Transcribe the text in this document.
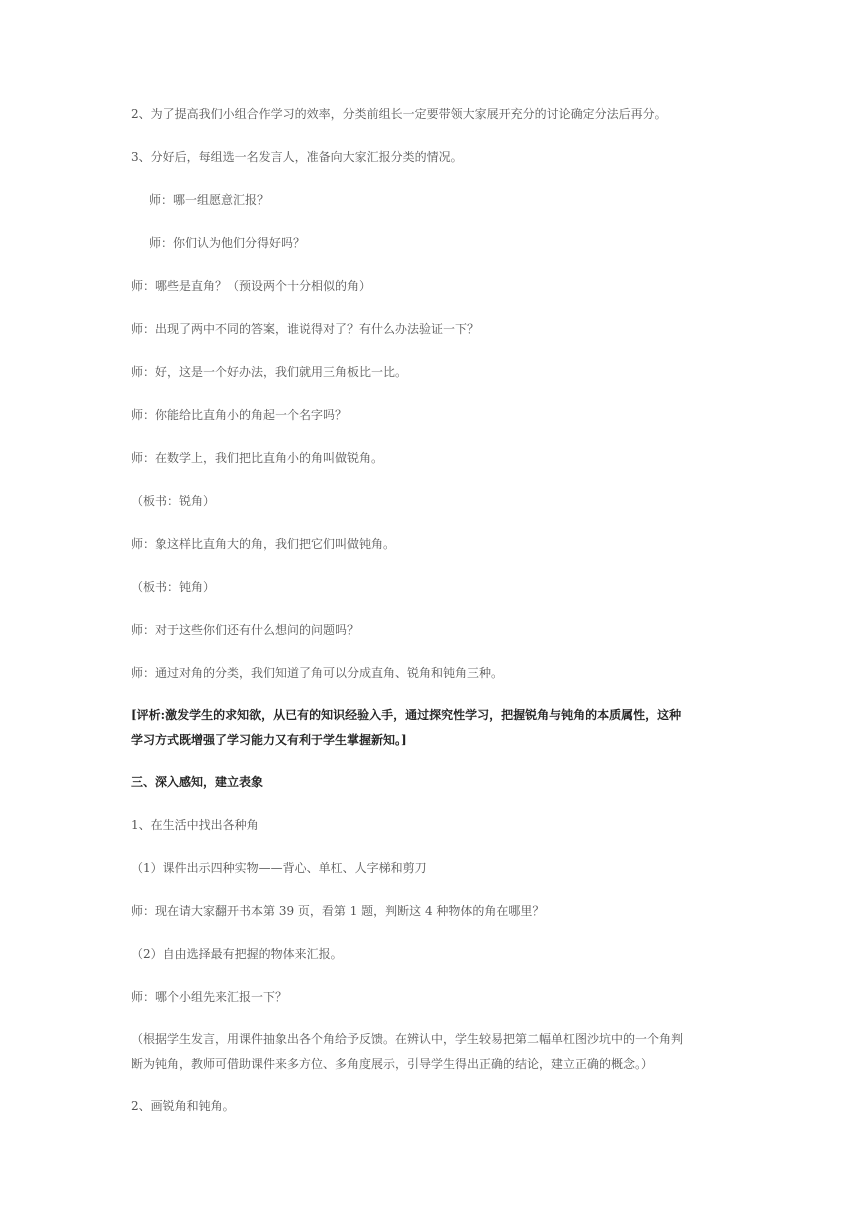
2、为了提高我们小组合作学习的效率，分类前组长一定要带领大家展开充分的讨论确定分法后再分。
3、分好后，每组选一名发言人，准备向大家汇报分类的情况。
师：哪一组愿意汇报？
师：你们认为他们分得好吗？
师：哪些是直角？（预设两个十分相似的角）
师：出现了两中不同的答案，谁说得对了？有什么办法验证一下？
师：好，这是一个好办法，我们就用三角板比一比。
师：你能给比直角小的角起一个名字吗？
师：在数学上，我们把比直角小的角叫做锐角。
（板书：锐角）
师：象这样比直角大的角，我们把它们叫做钝角。
（板书：钝角）
师：对于这些你们还有什么想问的问题吗？
师：通过对角的分类，我们知道了角可以分成直角、锐角和钝角三种。
[评析:激发学生的求知欲，从已有的知识经验入手，通过探究性学习，把握锐角与钝角的本质属性，这种
学习方式既增强了学习能力又有利于学生掌握新知。]
三、深入感知，建立表象
1、在生活中找出各种角
（1）课件出示四种实物——背心、单杠、人字梯和剪刀
师：现在请大家翻开书本第 39 页，看第 1 题，判断这 4 种物体的角在哪里？
（2）自由选择最有把握的物体来汇报。
师：哪个小组先来汇报一下？
（根据学生发言，用课件抽象出各个角给予反馈。在辨认中，学生较易把第二幅单杠图沙坑中的一个角判
断为钝角，教师可借助课件来多方位、多角度展示，引导学生得出正确的结论，建立正确的概念。）
2、画锐角和钝角。
